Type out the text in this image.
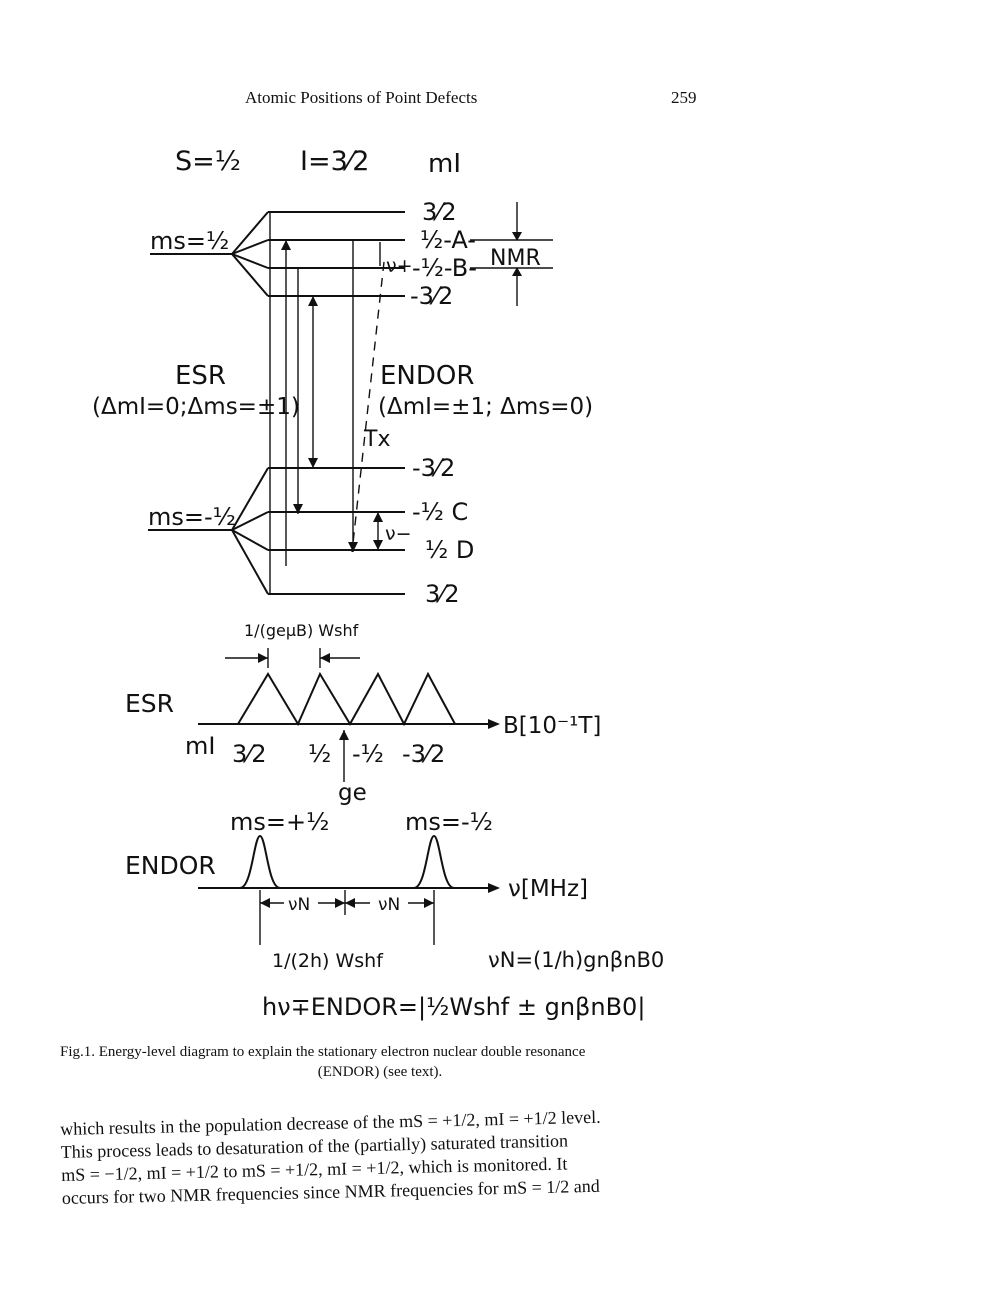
Atomic Positions of Point Defects	259
S=½ I=3⁄2 mI
ms=½
3⁄2
½-A-
-½-B-
-3⁄2
NMR
ν+
ESR
(ΔmI=0;Δms=±1)
ENDOR
(ΔmI=±1; Δms=0)
Tx
ms=-½
-3⁄2
-½ C
½ D
3⁄2
ν−
1/(geμB) Wshf
ESR
B[10⁻¹T]
mI 3⁄2 ½ -½ -3⁄2
ge
ms=+½	ms=-½
ENDOR
ν[MHz]
νN	νN
1/(2h) Wshf	νN=(1/h)gnβnB0
hν∓ENDOR=|½Wshf ± gnβnB0|
Fig.1. Energy-level diagram to explain the stationary electron nuclear double resonance
(ENDOR) (see text).

which results in the population decrease of the mS = +1/2, mI = +1/2 level.

This process leads to desaturation of the (partially) saturated transition

mS = −1/2, mI = +1/2 to mS = +1/2, mI = +1/2, which is monitored. It

occurs for two NMR frequencies since NMR frequencies for mS = 1/2 and
